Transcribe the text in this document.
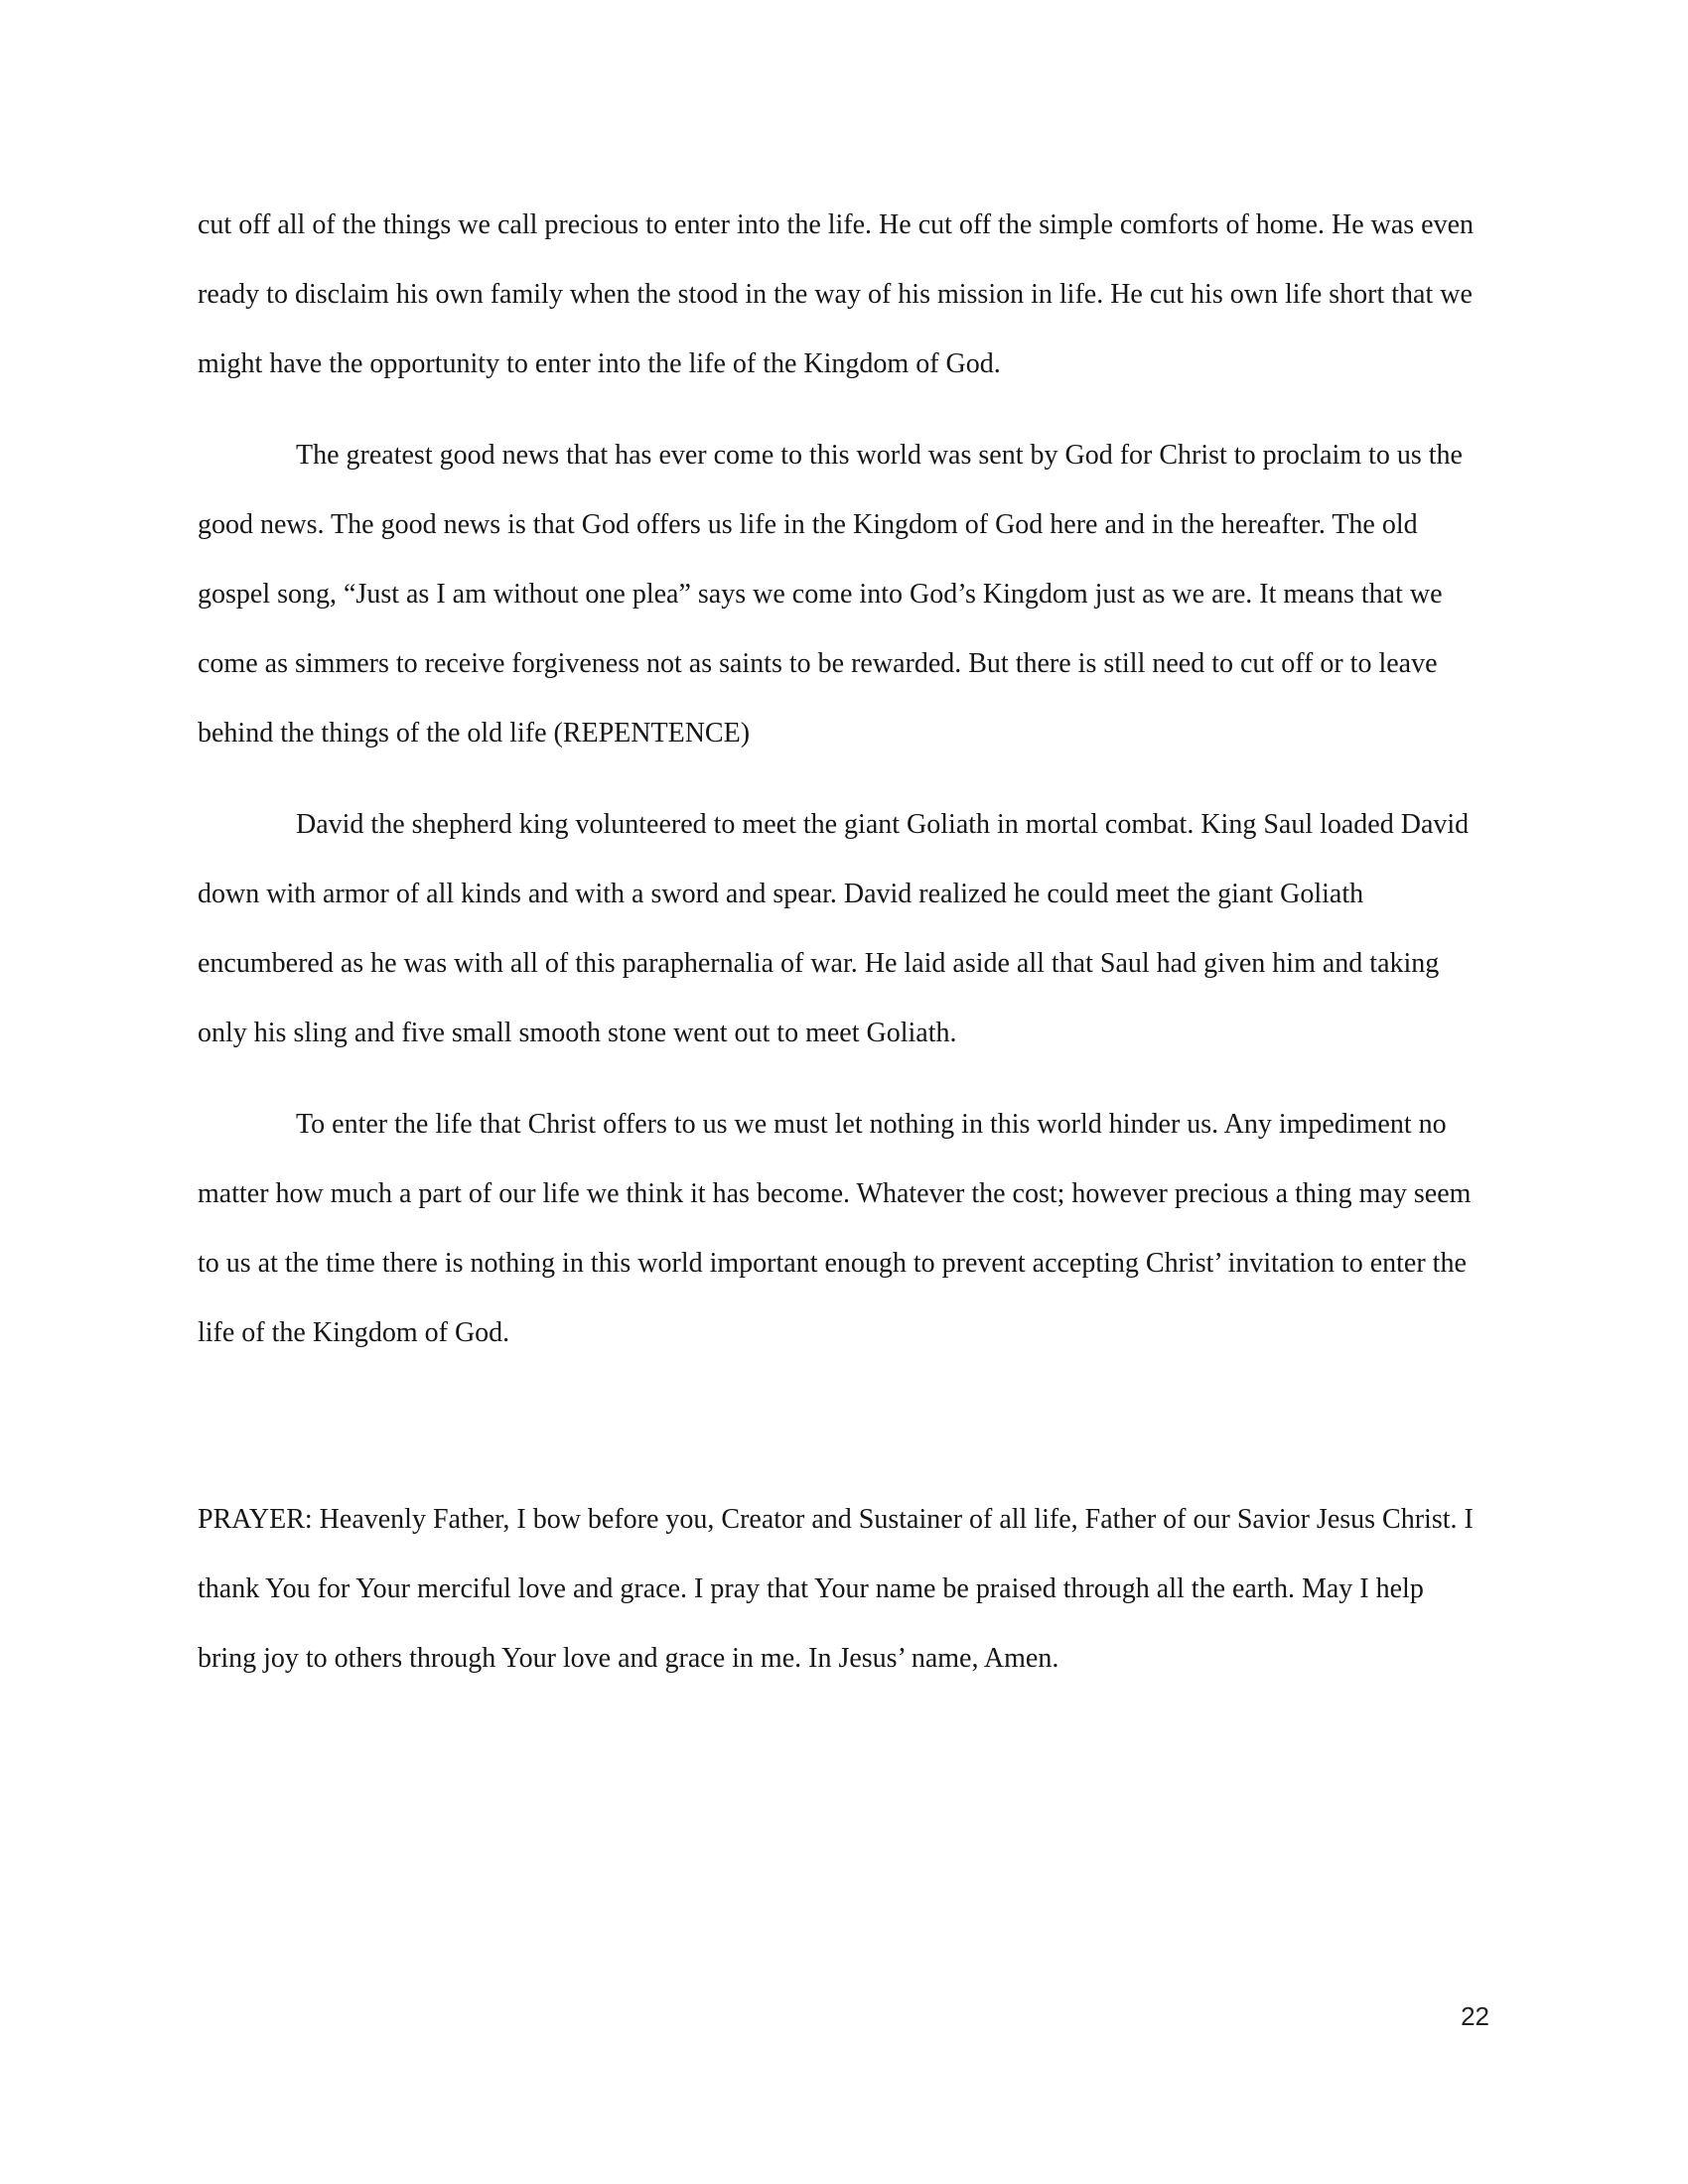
cut off all of the things we call precious to enter into the life. He cut off the simple comforts of home. He was even ready to disclaim his own family when the stood in the way of his mission in life. He cut his own life short that we might have the opportunity to enter into the life of the Kingdom of God.

The greatest good news that has ever come to this world was sent by God for Christ to proclaim to us the good news. The good news is that God offers us life in the Kingdom of God here and in the hereafter. The old gospel song, “Just as I am without one plea” says we come into God’s Kingdom just as we are. It means that we come as simmers to receive forgiveness not as saints to be rewarded. But there is still need to cut off or to leave behind the things of the old life (REPENTENCE)

David the shepherd king volunteered to meet the giant Goliath in mortal combat. King Saul loaded David down with armor of all kinds and with a sword and spear. David realized he could meet the giant Goliath encumbered as he was with all of this paraphernalia of war. He laid aside all that Saul had given him and taking only his sling and five small smooth stone went out to meet Goliath.

To enter the life that Christ offers to us we must let nothing in this world hinder us. Any impediment no matter how much a part of our life we think it has become. Whatever the cost; however precious a thing may seem to us at the time there is nothing in this world important enough to prevent accepting Christ’ invitation to enter the life of the Kingdom of God.

PRAYER: Heavenly Father, I bow before you, Creator and Sustainer of all life, Father of our Savior Jesus Christ. I thank You for Your merciful love and grace. I pray that Your name be praised through all the earth. May I help bring joy to others through Your love and grace in me. In Jesus’ name, Amen.

22
